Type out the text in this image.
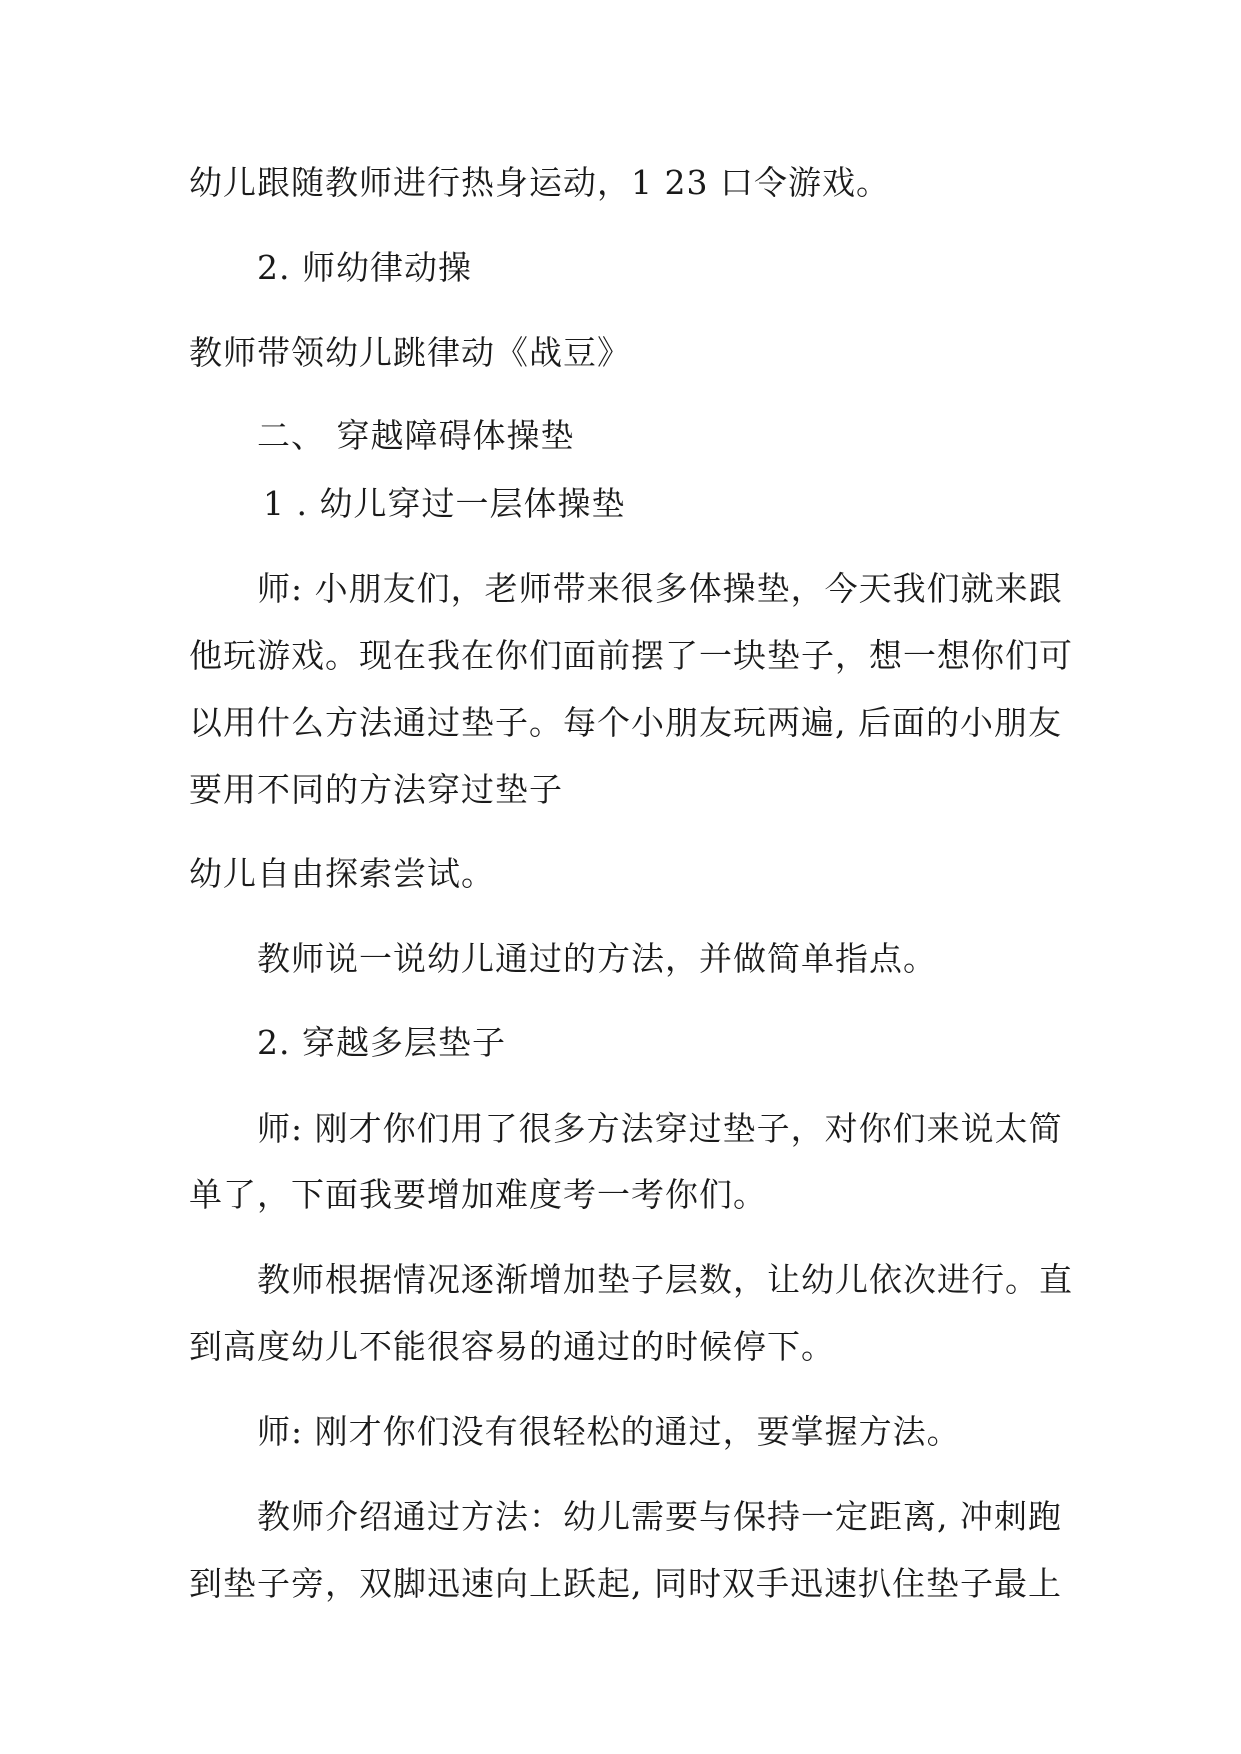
幼儿跟随教师进行热身运动，1 23 口令游戏。
2. 师幼律动操
教师带领幼儿跳律动《战豆》
二、 穿越障碍体操垫
1 . 幼儿穿过一层体操垫
师: 小朋友们，老师带来很多体操垫，今天我们就来跟
他玩游戏。现在我在你们面前摆了一块垫子，想一想你们可
以用什么方法通过垫子。每个小朋友玩两遍, 后面的小朋友
要用不同的方法穿过垫子
幼儿自由探索尝试。
教师说一说幼儿通过的方法，并做简单指点。
2. 穿越多层垫子
师: 刚才你们用了很多方法穿过垫子，对你们来说太简
单了，下面我要增加难度考一考你们。
教师根据情况逐渐增加垫子层数，让幼儿依次进行。直
到高度幼儿不能很容易的通过的时候停下。
师: 刚才你们没有很轻松的通过，要掌握方法。
教师介绍通过方法：幼儿需要与保持一定距离, 冲刺跑
到垫子旁，双脚迅速向上跃起, 同时双手迅速扒住垫子最上
